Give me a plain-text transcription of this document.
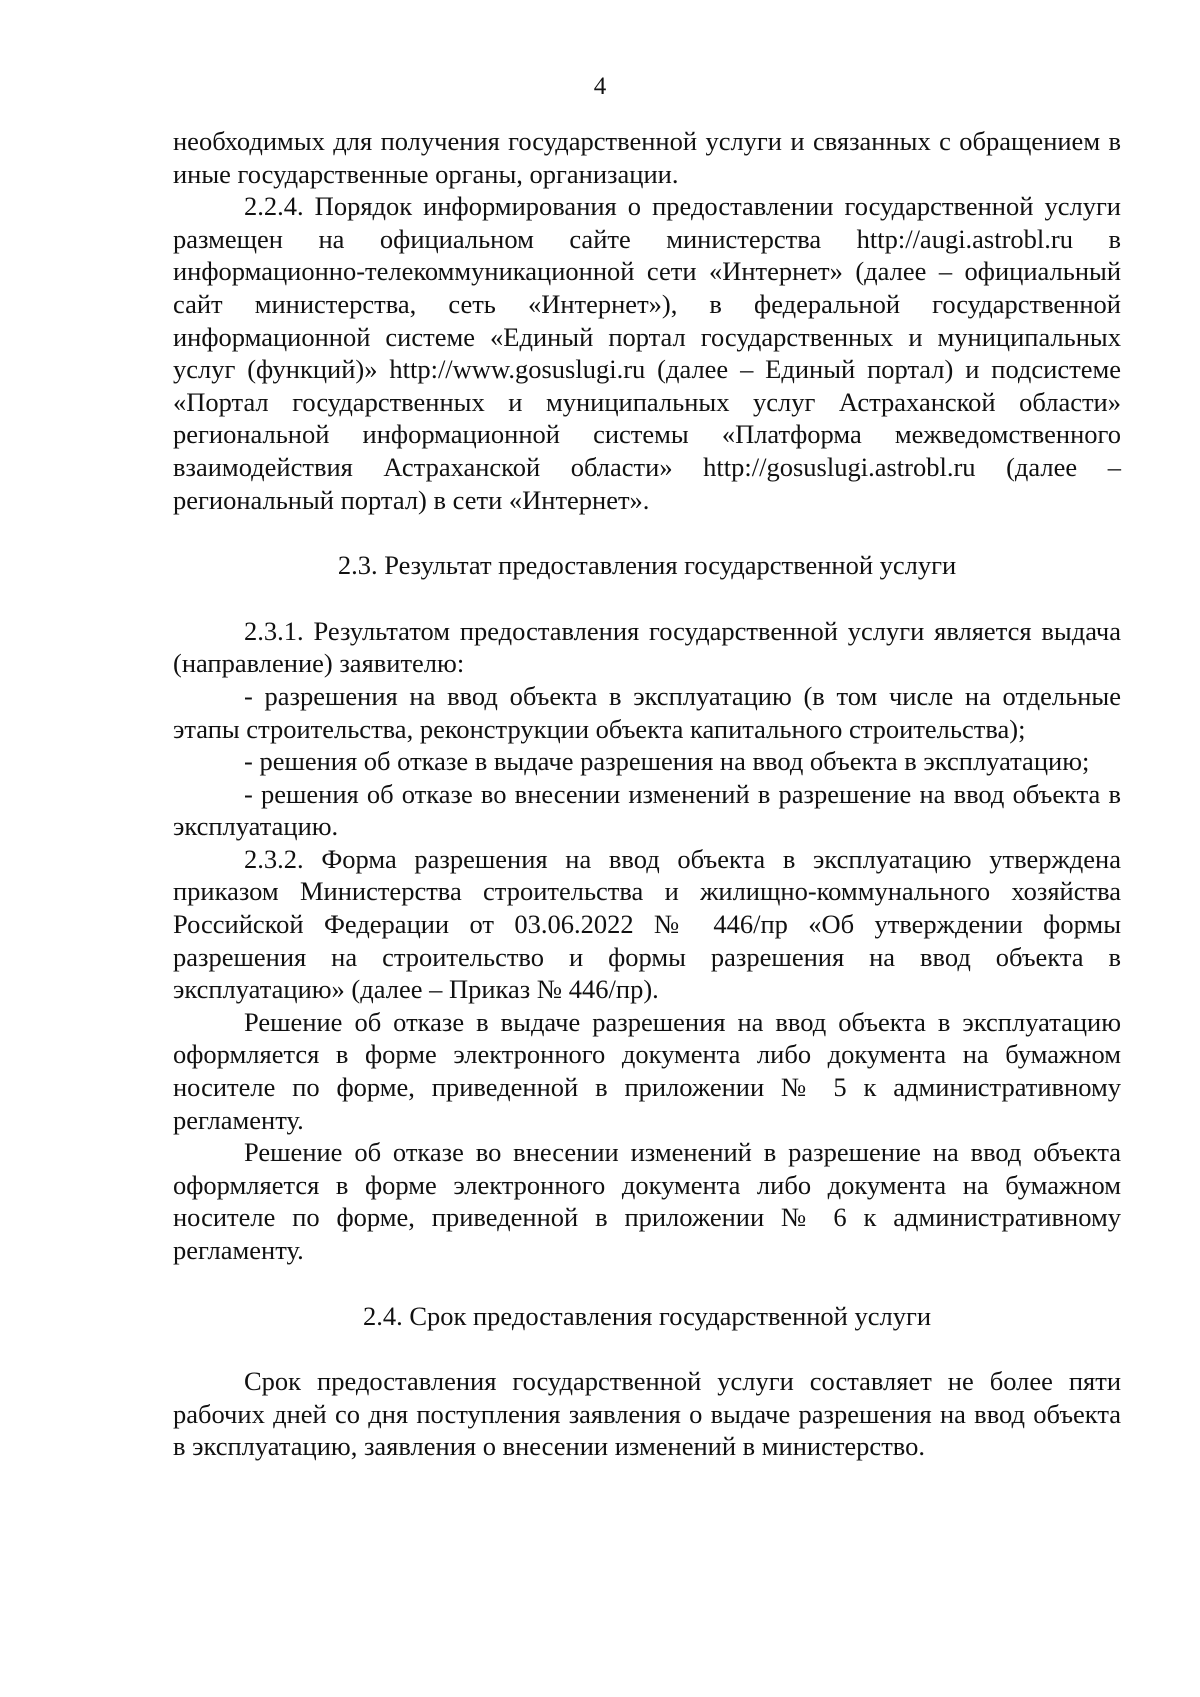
4

необходимых для получения государственной услуги и связанных с обращением в иные государственные органы, организации.

2.2.4. Порядок информирования о предоставлении государственной услуги размещен на официальном сайте министерства http://augi.astrobl.ru в информационно-телекоммуникационной сети «Интернет» (далее – официальный сайт министерства, сеть «Интернет»), в федеральной государственной информационной системе «Единый портал государственных и муниципальных услуг (функций)» http://www.gosuslugi.ru (далее – Единый портал) и подсистеме «Портал государственных и муниципальных услуг Астраханской области» региональной информационной системы «Платформа межведомственного взаимодействия Астраханской области» http://gosuslugi.astrobl.ru (далее – региональный портал) в сети «Интернет».

2.3. Результат предоставления государственной услуги

2.3.1. Результатом предоставления государственной услуги является выдача (направление) заявителю:

- разрешения на ввод объекта в эксплуатацию (в том числе на отдельные этапы строительства, реконструкции объекта капитального строительства);

- решения об отказе в выдаче разрешения на ввод объекта в эксплуатацию;

- решения об отказе во внесении изменений в разрешение на ввод объекта в эксплуатацию.

2.3.2. Форма разрешения на ввод объекта в эксплуатацию утверждена приказом Министерства строительства и жилищно-коммунального хозяйства Российской Федерации от 03.06.2022 № 446/пр «Об утверждении формы разрешения на строительство и формы разрешения на ввод объекта в эксплуатацию» (далее – Приказ № 446/пр).

Решение об отказе в выдаче разрешения на ввод объекта в эксплуатацию оформляется в форме электронного документа либо документа на бумажном носителе по форме, приведенной в приложении № 5 к административному регламенту.

Решение об отказе во внесении изменений в разрешение на ввод объекта оформляется в форме электронного документа либо документа на бумажном носителе по форме, приведенной в приложении № 6 к административному регламенту.

2.4. Срок предоставления государственной услуги

Срок предоставления государственной услуги составляет не более пяти рабочих дней со дня поступления заявления о выдаче разрешения на ввод объекта в эксплуатацию, заявления о внесении изменений в министерство.
